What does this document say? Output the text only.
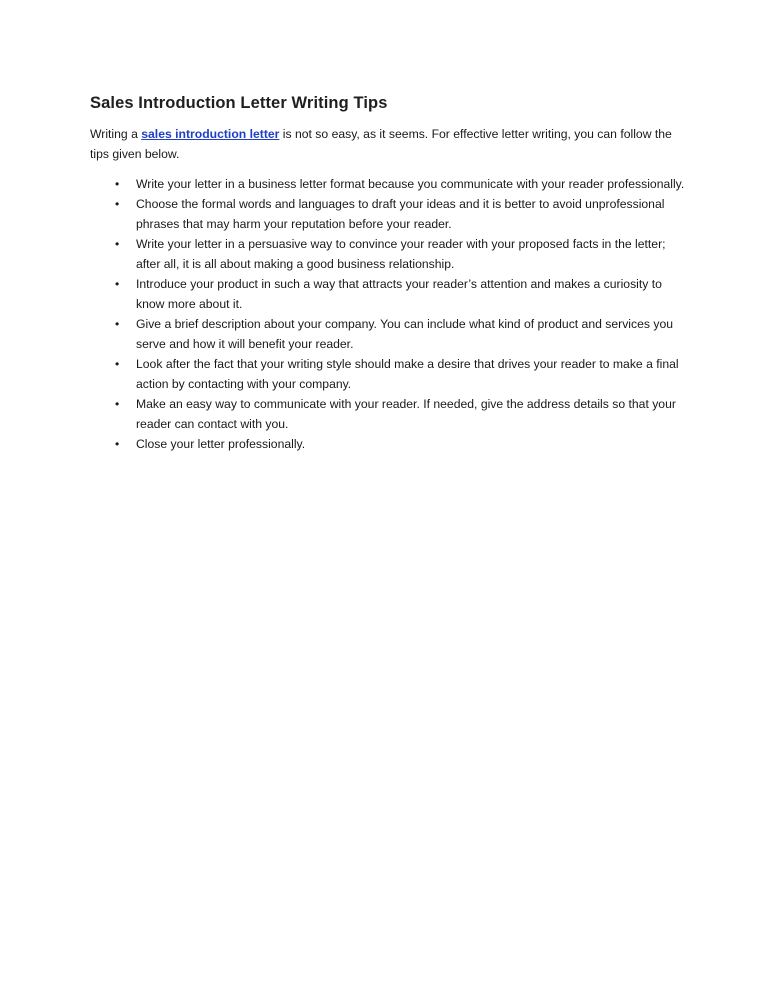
Sales Introduction Letter Writing Tips

Writing a sales introduction letter is not so easy, as it seems. For effective letter writing, you can follow the tips given below.

•	Write your letter in a business letter format because you communicate with your reader professionally.
•	Choose the formal words and languages to draft your ideas and it is better to avoid unprofessional phrases that may harm your reputation before your reader.
•	Write your letter in a persuasive way to convince your reader with your proposed facts in the letter; after all, it is all about making a good business relationship.
•	Introduce your product in such a way that attracts your reader’s attention and makes a curiosity to know more about it.
•	Give a brief description about your company. You can include what kind of product and services you serve and how it will benefit your reader.
•	Look after the fact that your writing style should make a desire that drives your reader to make a final action by contacting with your company.
•	Make an easy way to communicate with your reader. If needed, give the address details so that your reader can contact with you.
•	Close your letter professionally.
